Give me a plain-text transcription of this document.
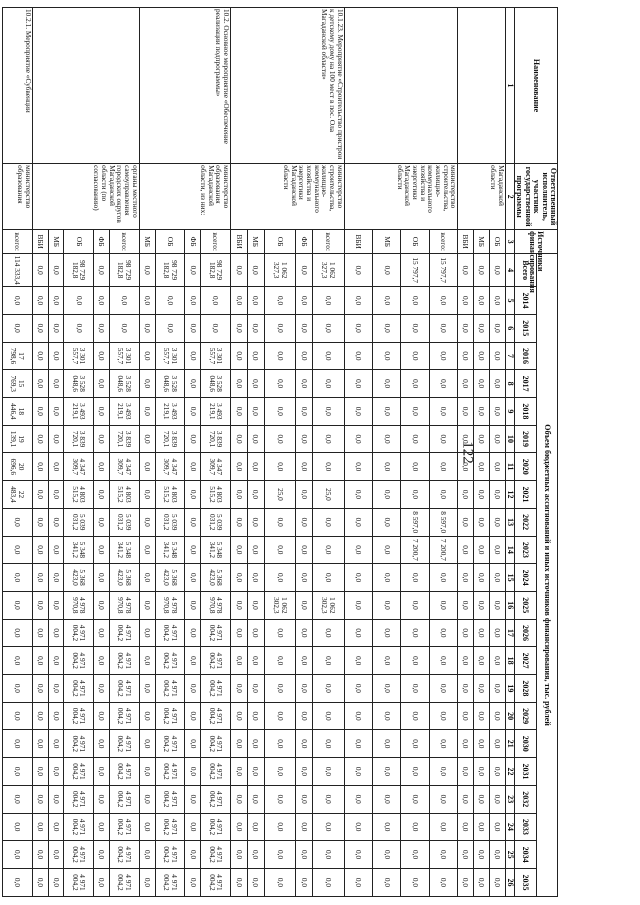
122
Наименование	Ответственный исполнитель, участник государственной программы	Источники финансирования	Объем бюджетных ассигнований и иных источников финансирования, тыс. рублей																						
			Всего	2014	2015	2016	2017	2018	2019	2020	2021	2022	2023	2024	2025	2026	2027	2028	2029	2030	2031	2032	2033	2034	2035
1	2	3	4	5	6	7	8	9	10	11	12	13	14	15	16	17	18	19	20	21	22	23	24	25	26
	Магаданской области	ОБ	0,0	0,0	0,0	0,0	0,0	0,0	0,0	0,0	0,0	0,0	0,0	0,0	0,0	0,0	0,0	0,0	0,0	0,0	0,0	0,0	0,0	0,0	0,0
		МБ	0,0	0,0	0,0	0,0	0,0	0,0	0,0	0,0	0,0	0,0	0,0	0,0	0,0	0,0	0,0	0,0	0,0	0,0	0,0	0,0	0,0	0,0	0,0
		ВБИ	0,0	0,0	0,0	0,0	0,0	0,0	0,0	0,0	0,0	0,0	0,0	0,0	0,0	0,0	0,0	0,0	0,0	0,0	0,0	0,0	0,0	0,0	0,0
	министерство строительства, жилищно-коммунального хозяйства и энергетики Магаданской области	всего:	15 797,7	0,0	0,0	0,0	0,0	0,0	0,0	0,0	0,0	8 597,0	7 200,7	0,0	0,0	0,0	0,0	0,0	0,0	0,0	0,0	0,0	0,0	0,0	0,0
		ОБ	15 797,7	0,0	0,0	0,0	0,0	0,0	0,0	0,0	0,0	8 597,0	7 200,7	0,0	0,0	0,0	0,0	0,0	0,0	0,0	0,0	0,0	0,0	0,0	0,0
		МБ	0,0	0,0	0,0	0,0	0,0	0,0	0,0	0,0	0,0	0,0	0,0	0,0	0,0	0,0	0,0	0,0	0,0	0,0	0,0	0,0	0,0	0,0	0,0
		ВБИ	0,0	0,0	0,0	0,0	0,0	0,0	0,0	0,0	0,0	0,0	0,0	0,0	0,0	0,0	0,0	0,0	0,0	0,0	0,0	0,0	0,0	0,0	0,0
10.1.23. Мероприятие «Строительство пристрои к детскому дому на 100 мест в пос. Ола Магаданской области»	министерство строительства, жилищно-коммунального хозяйства и энергетики Магаданской области	всего:	1 062 327,3	0,0	0,0	0,0	0,0	0,0	0,0	0,0	25,0	0,0	0,0	0,0	1 062 302,3	0,0	0,0	0,0	0,0	0,0	0,0	0,0	0,0	0,0	0,0
		ФБ	0,0	0,0	0,0	0,0	0,0	0,0	0,0	0,0	0,0	0,0	0,0	0,0	0,0	0,0	0,0	0,0	0,0	0,0	0,0	0,0	0,0	0,0	0,0
		ОБ	1 062 327,3	0,0	0,0	0,0	0,0	0,0	0,0	0,0	25,0	0,0	0,0	0,0	1 062 302,3	0,0	0,0	0,0	0,0	0,0	0,0	0,0	0,0	0,0	0,0
		МБ	0,0	0,0	0,0	0,0	0,0	0,0	0,0	0,0	0,0	0,0	0,0	0,0	0,0	0,0	0,0	0,0	0,0	0,0	0,0	0,0	0,0	0,0	0,0
		ВБИ	0,0	0,0	0,0	0,0	0,0	0,0	0,0	0,0	0,0	0,0	0,0	0,0	0,0	0,0	0,0	0,0	0,0	0,0	0,0	0,0	0,0	0,0	0,0
10.2. Основное мероприятие «Обеспечение реализации подпрограммы»	министерство образования Магаданской области, из них:	всего:	98 729 182,8	0,0	0,0	3 301 557,7	3 528 048,6	3 493 219,1	3 839 720,1	4 347 309,7	4 803 515,2	5 039 031,2	5 348 341,2	5 368 423,0	4 978 970,8	4 971 004,2	4 971 004,2	4 971 004,2	4 971 004,2	4 971 004,2	4 971 004,2	4 971 004,2	4 971 004,2	4 971 004,2	4 971 004,2
		ФБ	0,0	0,0	0,0	0,0	0,0	0,0	0,0	0,0	0,0	0,0	0,0	0,0	0,0	0,0	0,0	0,0	0,0	0,0	0,0	0,0	0,0	0,0	0,0
		ОБ	98 729 182,8	0,0	0,0	3 301 557,7	3 528 048,6	3 493 219,1	3 839 720,1	4 347 309,7	4 803 515,2	5 039 031,2	5 348 341,2	5 368 423,0	4 978 970,8	4 971 004,2	4 971 004,2	4 971 004,2	4 971 004,2	4 971 004,2	4 971 004,2	4 971 004,2	4 971 004,2	4 971 004,2	4 971 004,2
		МБ	0,0	0,0	0,0	0,0	0,0	0,0	0,0	0,0	0,0	0,0	0,0	0,0	0,0	0,0	0,0	0,0	0,0	0,0	0,0	0,0	0,0	0,0	0,0
	органы местного самоуправления городских округов Магаданской области (по согласованию)	всего:	98 729 182,8	0,0	0,0	3 301 557,7	3 528 048,6	3 493 219,1	3 839 720,1	4 347 309,7	4 803 515,2	5 039 031,2	5 348 341,2	5 368 423,0	4 978 970,8	4 971 004,2	4 971 004,2	4 971 004,2	4 971 004,2	4 971 004,2	4 971 004,2	4 971 004,2	4 971 004,2	4 971 004,2	4 971 004,2
		ФБ	0,0	0,0	0,0	0,0	0,0	0,0	0,0	0,0	0,0	0,0	0,0	0,0	0,0	0,0	0,0	0,0	0,0	0,0	0,0	0,0	0,0	0,0	0,0
		ОБ	98 729 182,8	0,0	0,0	3 301 557,7	3 528 048,6	3 493 219,1	3 839 720,1	4 347 309,7	4 803 515,2	5 039 031,2	5 348 341,2	5 368 423,0	4 978 970,8	4 971 004,2	4 971 004,2	4 971 004,2	4 971 004,2	4 971 004,2	4 971 004,2	4 971 004,2	4 971 004,2	4 971 004,2	4 971 004,2
		МБ	0,0	0,0	0,0	0,0	0,0	0,0	0,0	0,0	0,0	0,0	0,0	0,0	0,0	0,0	0,0	0,0	0,0	0,0	0,0	0,0	0,0	0,0	0,0
		ВБИ	0,0	0,0	0,0	0,0	0,0	0,0	0,0	0,0	0,0	0,0	0,0	0,0	0,0	0,0	0,0	0,0	0,0	0,0	0,0	0,0	0,0	0,0	0,0
10.2.1. Мероприятие «Субвенции	министерство образования	всего:	114 333,4	0,0	0,0	17 798,6	15 769,3	18 446,4	19 139,1	20 696,6	22 483,4	0,0	0,0	0,0	0,0	0,0	0,0	0,0	0,0	0,0	0,0	0,0	0,0	0,0	0,0
